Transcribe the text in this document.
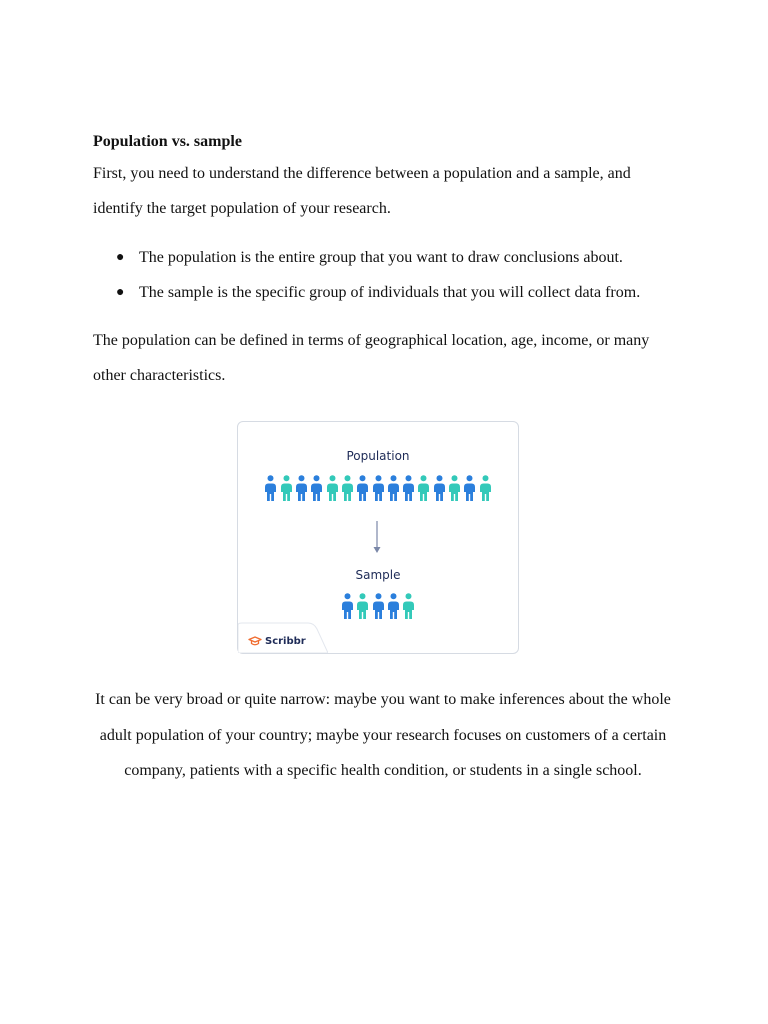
Population vs. sample

First, you need to understand the difference between a population and a sample, and identify the target population of your research.

● The population is the entire group that you want to draw conclusions about.
● The sample is the specific group of individuals that you will collect data from.

The population can be defined in terms of geographical location, age, income, or many other characteristics.

Population
Sample
Scribbr

It can be very broad or quite narrow: maybe you want to make inferences about the whole adult population of your country; maybe your research focuses on customers of a certain company, patients with a specific health condition, or students in a single school.
